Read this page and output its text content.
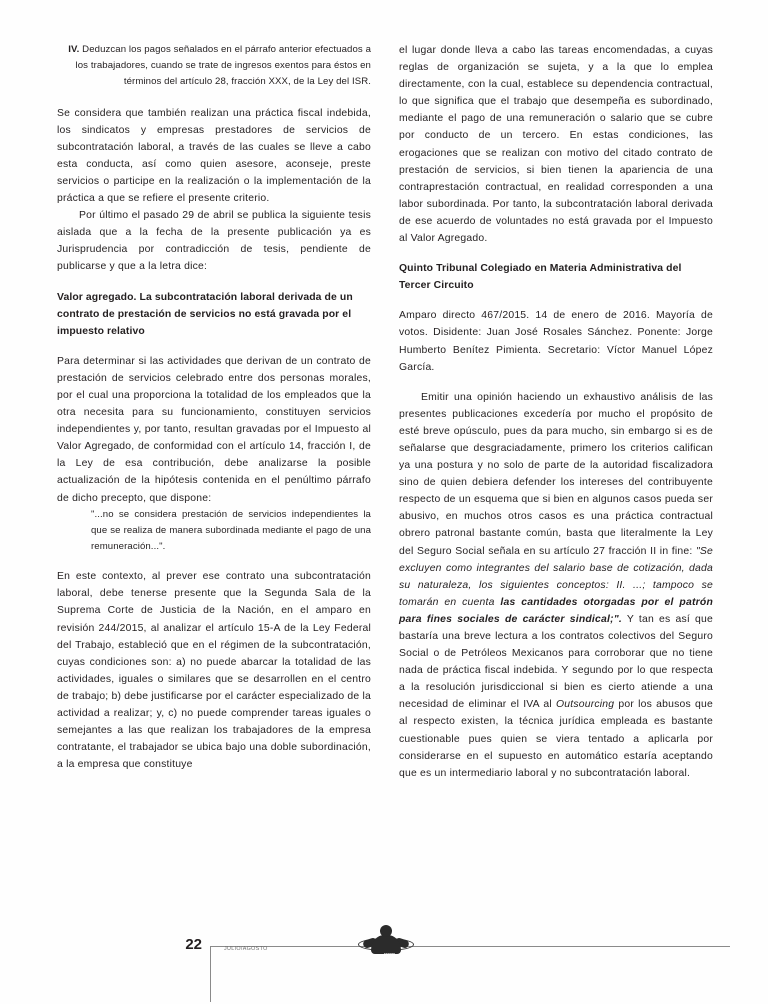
IV. Deduzcan los pagos señalados en el párrafo anterior efectuados a los trabajadores, cuando se trate de ingresos exentos para éstos en términos del artículo 28, fracción XXX, de la Ley del ISR.

Se considera que también realizan una práctica fiscal indebida, los sindicatos y empresas prestadores de servicios de subcontratación laboral, a través de las cuales se lleve a cabo esta conducta, así como quien asesore, aconseje, preste servicios o participe en la realización o la implementación de la práctica a que se refiere el presente criterio.

Por último el pasado 29 de abril se publica la siguiente tesis aislada que a la fecha de la presente publicación ya es Jurisprudencia por contradicción de tesis, pendiente de publicarse y que a la letra dice:

Valor agregado. La subcontratación laboral derivada de un contrato de prestación de servicios no está gravada por el impuesto relativo

Para determinar si las actividades que derivan de un contrato de prestación de servicios celebrado entre dos personas morales, por el cual una proporciona la totalidad de los empleados que la otra necesita para su funcionamiento, constituyen servicios independientes y, por tanto, resultan gravadas por el Impuesto al Valor Agregado, de conformidad con el artículo 14, fracción I, de la Ley de esa contribución, debe analizarse la posible actualización de la hipótesis contenida en el penúltimo párrafo de dicho precepto, que dispone:

"...no se considera prestación de servicios independientes la que se realiza de manera subordinada mediante el pago de una remuneración...".

En este contexto, al prever ese contrato una subcontratación laboral, debe tenerse presente que la Segunda Sala de la Suprema Corte de Justicia de la Nación, en el amparo en revisión 244/2015, al analizar el artículo 15-A de la Ley Federal del Trabajo, estableció que en el régimen de la subcontratación, cuyas condiciones son: a) no puede abarcar la totalidad de las actividades, iguales o similares que se desarrollen en el centro de trabajo; b) debe justificarse por el carácter especializado de la actividad a realizar; y, c) no puede comprender tareas iguales o semejantes a las que realizan los trabajadores de la empresa contratante, el trabajador se ubica bajo una doble subordinación, a la empresa que constituye

el lugar donde lleva a cabo las tareas encomendadas, a cuyas reglas de organización se sujeta, y a la que lo emplea directamente, con la cual, establece su dependencia contractual, lo que significa que el trabajo que desempeña es subordinado, mediante el pago de una remuneración o salario que se cubre por conducto de un tercero. En estas condiciones, las erogaciones que se realizan con motivo del citado contrato de prestación de servicios, si bien tienen la apariencia de una contraprestación contractual, en realidad corresponden a una labor subordinada. Por tanto, la subcontratación laboral derivada de ese acuerdo de voluntades no está gravada por el Impuesto al Valor Agregado.

Quinto Tribunal Colegiado en Materia Administrativa del Tercer Circuito

Amparo directo 467/2015. 14 de enero de 2016. Mayoría de votos. Disidente: Juan José Rosales Sánchez. Ponente: Jorge Humberto Benítez Pimienta. Secretario: Víctor Manuel López García.

Emitir una opinión haciendo un exhaustivo análisis de las presentes publicaciones excedería por mucho el propósito de esté breve opúsculo, pues da para mucho, sin embargo si es de señalarse que desgraciadamente, primero los criterios califican ya una postura y no solo de parte de la autoridad fiscalizadora sino de quien debiera defender los intereses del contribuyente respecto de un esquema que si bien en algunos casos pueda ser abusivo, en muchos otros casos es una práctica contractual obrero patronal bastante común, basta que literalmente la Ley del Seguro Social señala en su artículo 27 fracción II in fine: "Se excluyen como integrantes del salario base de cotización, dada su naturaleza, los siguientes conceptos: II. ...; tampoco se tomarán en cuenta las cantidades otorgadas por el patrón para fines sociales de carácter sindical;". Y tan es así que bastaría una breve lectura a los contratos colectivos del Seguro Social o de Petróleos Mexicanos para corroborar que no tiene nada de práctica fiscal indebida. Y segundo por lo que respecta a la resolución jurisdiccional si bien es cierto atiende a una necesidad de eliminar el IVA al Outsourcing por los abusos que al respecto existen, la técnica jurídica empleada es bastante cuestionable pues quien se viera tentado a aplicarla por considerarse en el supuesto en automático estaría aceptando que es un intermediario laboral y no subcontratación laboral.

22	JULIO/AGOSTO
IMCP
